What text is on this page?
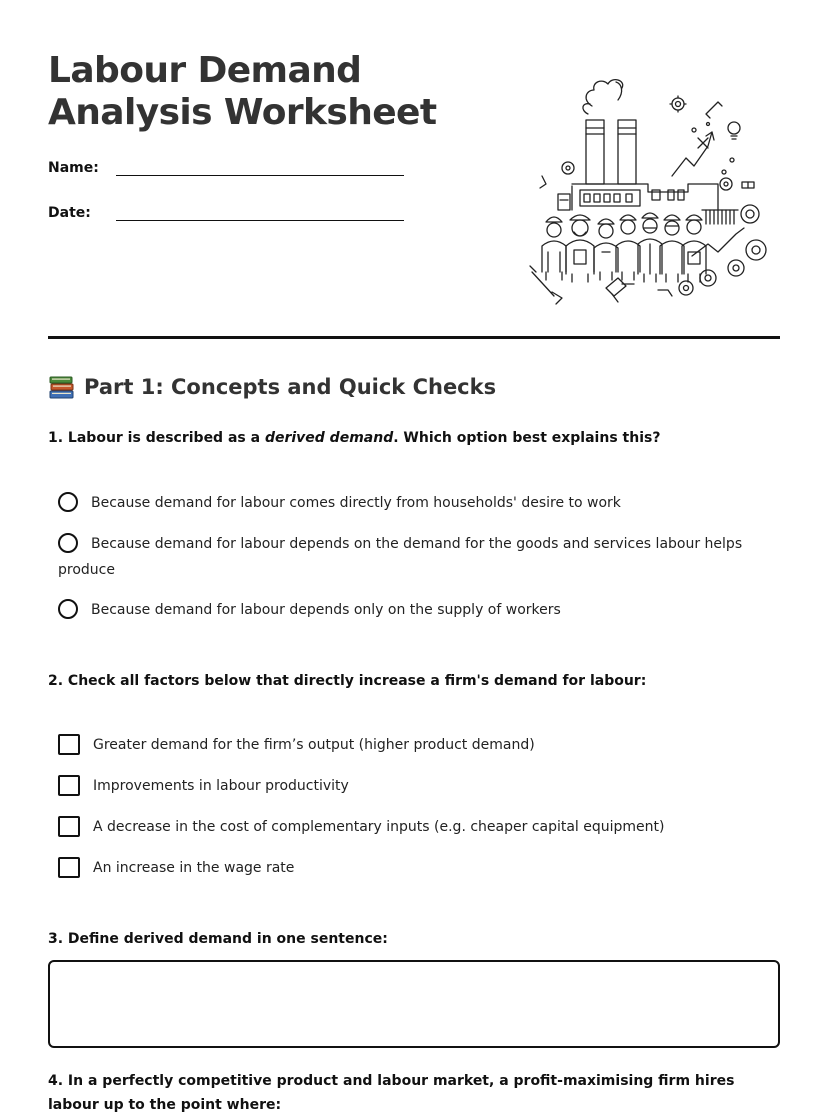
Labour Demand Analysis Worksheet
Name:
Date:
Part 1: Concepts and Quick Checks

1. Labour is described as a derived demand. Which option best explains this?

Because demand for labour comes directly from households' desire to work
Because demand for labour depends on the demand for the goods and services labour helps produce
Because demand for labour depends only on the supply of workers

2. Check all factors below that directly increase a firm's demand for labour:

Greater demand for the firm’s output (higher product demand)
Improvements in labour productivity
A decrease in the cost of complementary inputs (e.g. cheaper capital equipment)
An increase in the wage rate

3. Define derived demand in one sentence:

4. In a perfectly competitive product and labour market, a profit-maximising firm hires labour up to the point where:
